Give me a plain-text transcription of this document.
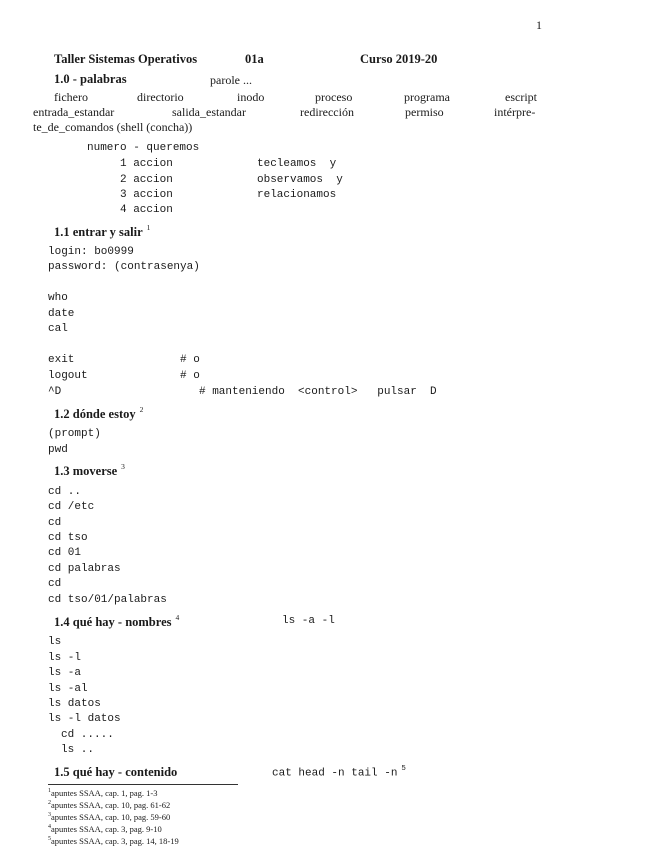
1
Taller Sistemas Operativos	01a	Curso 2019-20
1.0 - palabras	parole ...
fichero	directorio	inodo	proceso	programa	escript
entrada_estandar	salida_estandar	redirección	permiso	intérpre-
te_de_comandos (shell (concha))
numero - queremos
1 accion	tecleamos  y
2 accion	observamos  y
3 accion	relacionamos
4 accion
1.1 entrar y salir $^1$
login: bo0999
password: (contrasenya)
who
date
cal
exit	# o
logout	# o
^D	# manteniendo  <control>   pulsar  D
1.2 dónde estoy $^2$
(prompt)
pwd
1.3 moverse $^3$
cd ..
cd /etc
cd
cd tso
cd 01
cd palabras
cd
cd tso/01/palabras
1.4 qué hay - nombres $^4$	ls -a -l
ls
ls -l
ls -a
ls -al
ls datos
ls -l datos
cd .....
ls ..
1.5 qué hay - contenido	cat head -n tail -n $^5$
$^1$apuntes SSAA, cap. 1, pag. 1-3
$^2$apuntes SSAA, cap. 10, pag. 61-62
$^3$apuntes SSAA, cap. 10, pag. 59-60
$^4$apuntes SSAA, cap. 3, pag. 9-10
$^5$apuntes SSAA, cap. 3, pag. 14, 18-19
